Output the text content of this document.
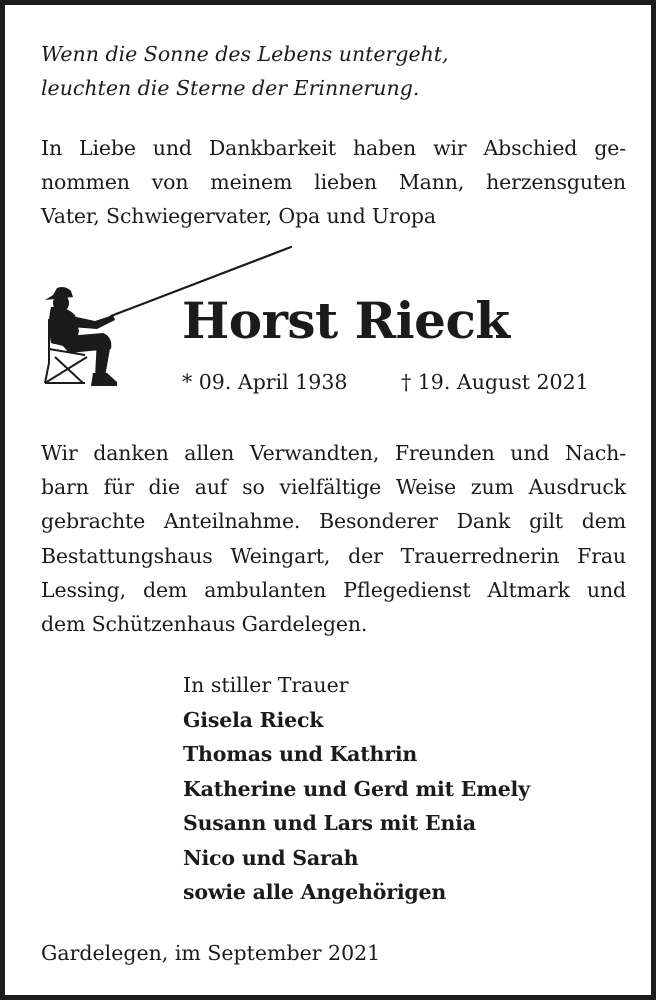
Wenn die Sonne des Lebens untergeht,
leuchten die Sterne der Erinnerung.
In Liebe und Dankbarkeit haben wir Abschied ge-
nommen von meinem lieben Mann, herzensguten
Vater, Schwiegervater, Opa und Uropa
Horst Rieck
* 09. April 1938	† 19. August 2021
Wir danken allen Verwandten, Freunden und Nach-
barn für die auf so vielfältige Weise zum Ausdruck
gebrachte Anteilnahme. Besonderer Dank gilt dem
Bestattungshaus Weingart, der Trauerrednerin Frau
Lessing, dem ambulanten Pflegedienst Altmark und
dem Schützenhaus Gardelegen.
In stiller Trauer
Gisela Rieck
Thomas und Kathrin
Katherine und Gerd mit Emely
Susann und Lars mit Enia
Nico und Sarah
sowie alle Angehörigen
Gardelegen, im September 2021
